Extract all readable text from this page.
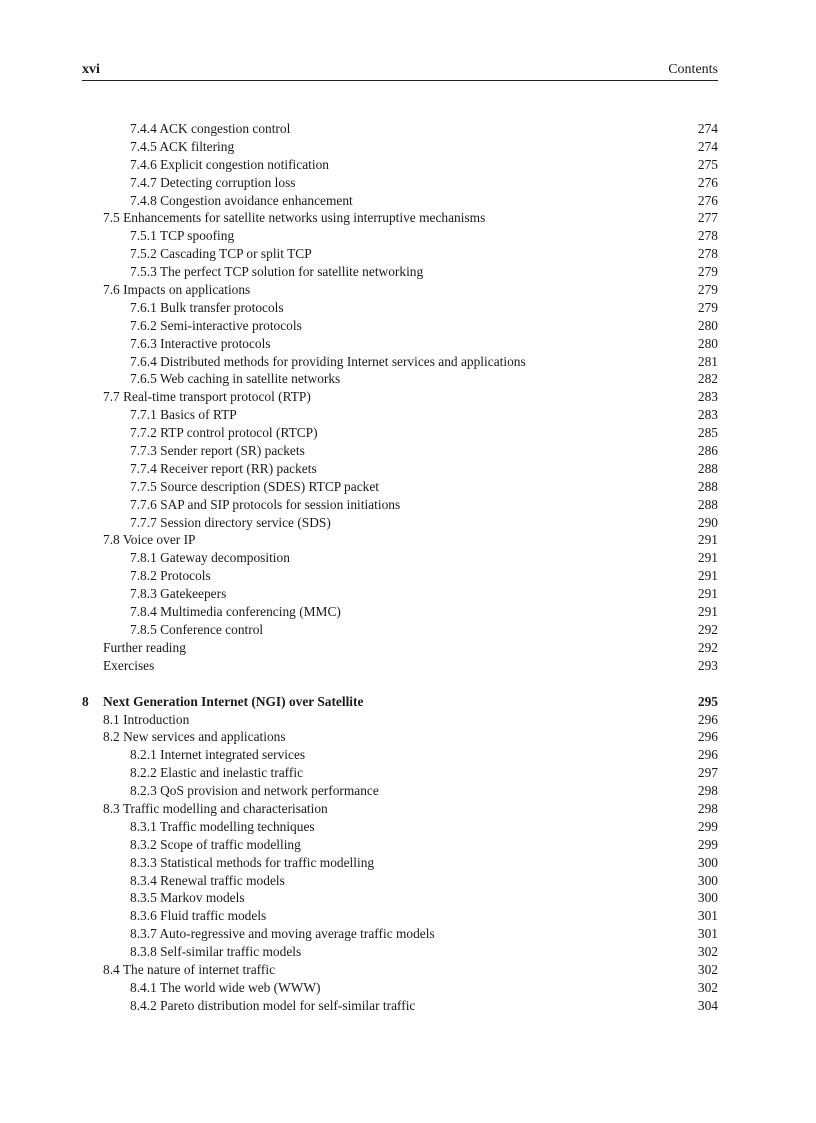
xvi	Contents
7.4.4 ACK congestion control	274
7.4.5 ACK filtering	274
7.4.6 Explicit congestion notification	275
7.4.7 Detecting corruption loss	276
7.4.8 Congestion avoidance enhancement	276
7.5 Enhancements for satellite networks using interruptive mechanisms	277
7.5.1 TCP spoofing	278
7.5.2 Cascading TCP or split TCP	278
7.5.3 The perfect TCP solution for satellite networking	279
7.6 Impacts on applications	279
7.6.1 Bulk transfer protocols	279
7.6.2 Semi-interactive protocols	280
7.6.3 Interactive protocols	280
7.6.4 Distributed methods for providing Internet services and applications	281
7.6.5 Web caching in satellite networks	282
7.7 Real-time transport protocol (RTP)	283
7.7.1 Basics of RTP	283
7.7.2 RTP control protocol (RTCP)	285
7.7.3 Sender report (SR) packets	286
7.7.4 Receiver report (RR) packets	288
7.7.5 Source description (SDES) RTCP packet	288
7.7.6 SAP and SIP protocols for session initiations	288
7.7.7 Session directory service (SDS)	290
7.8 Voice over IP	291
7.8.1 Gateway decomposition	291
7.8.2 Protocols	291
7.8.3 Gatekeepers	291
7.8.4 Multimedia conferencing (MMC)	291
7.8.5 Conference control	292
Further reading	292
Exercises	293
8 Next Generation Internet (NGI) over Satellite	295
8.1 Introduction	296
8.2 New services and applications	296
8.2.1 Internet integrated services	296
8.2.2 Elastic and inelastic traffic	297
8.2.3 QoS provision and network performance	298
8.3 Traffic modelling and characterisation	298
8.3.1 Traffic modelling techniques	299
8.3.2 Scope of traffic modelling	299
8.3.3 Statistical methods for traffic modelling	300
8.3.4 Renewal traffic models	300
8.3.5 Markov models	300
8.3.6 Fluid traffic models	301
8.3.7 Auto-regressive and moving average traffic models	301
8.3.8 Self-similar traffic models	302
8.4 The nature of internet traffic	302
8.4.1 The world wide web (WWW)	302
8.4.2 Pareto distribution model for self-similar traffic	304
